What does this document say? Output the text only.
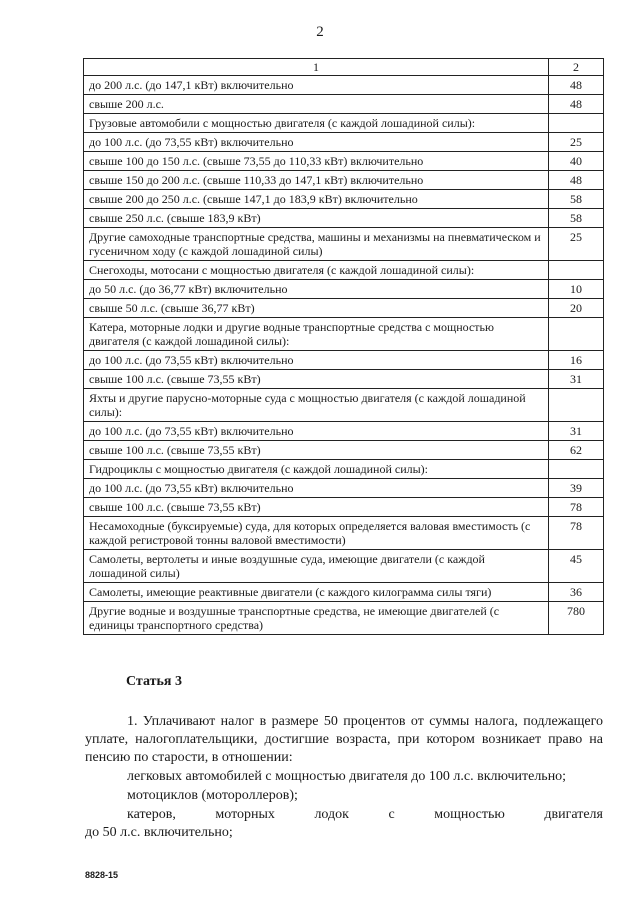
2
1	2
до 200 л.с. (до 147,1 кВт) включительно	48
свыше 200 л.с.	48
Грузовые автомобили с мощностью двигателя (с каждой лошадиной силы):	
до 100 л.с. (до 73,55 кВт) включительно	25
свыше 100 до 150 л.с. (свыше 73,55 до 110,33 кВт) включительно	40
свыше 150 до 200 л.с. (свыше 110,33 до 147,1 кВт) включительно	48
свыше 200 до 250 л.с. (свыше 147,1 до 183,9 кВт) включительно	58
свыше 250 л.с. (свыше 183,9 кВт)	58
Другие самоходные транспортные средства, машины и механизмы на пневматическом и гусеничном ходу (с каждой лошадиной силы)	25
Снегоходы, мотосани с мощностью двигателя (с каждой лошадиной силы):	
до 50 л.с. (до 36,77 кВт) включительно	10
свыше 50 л.с. (свыше 36,77 кВт)	20
Катера, моторные лодки и другие водные транспортные средства с мощностью двигателя (с каждой лошадиной силы):	
до 100 л.с. (до 73,55 кВт) включительно	16
свыше 100 л.с. (свыше 73,55 кВт)	31
Яхты и другие парусно-моторные суда с мощностью двигателя (с каждой лошадиной силы):	
до 100 л.с. (до 73,55 кВт) включительно	31
свыше 100 л.с. (свыше 73,55 кВт)	62
Гидроциклы с мощностью двигателя (с каждой лошадиной силы):	
до 100 л.с. (до 73,55 кВт) включительно	39
свыше 100 л.с. (свыше 73,55 кВт)	78
Несамоходные (буксируемые) суда, для которых определяется валовая вместимость (с каждой регистровой тонны валовой вместимости)	78
Самолеты, вертолеты и иные воздушные суда, имеющие двигатели (с каждой лошадиной силы)	45
Самолеты, имеющие реактивные двигатели (с каждого килограмма силы тяги)	36
Другие водные и воздушные транспортные средства, не имеющие двигателей (с единицы транспортного средства)	780
Статья 3
1. Уплачивают налог в размере 50 процентов от суммы налога, подлежащего уплате, налогоплательщики, достигшие возраста, при котором возникает право на пенсию по старости, в отношении:
легковых автомобилей с мощностью двигателя до 100 л.с. включительно;
мотоциклов (мотороллеров);
катеров,	моторных	лодок	с	мощностью	двигателя
до 50 л.с. включительно;
8828-15
